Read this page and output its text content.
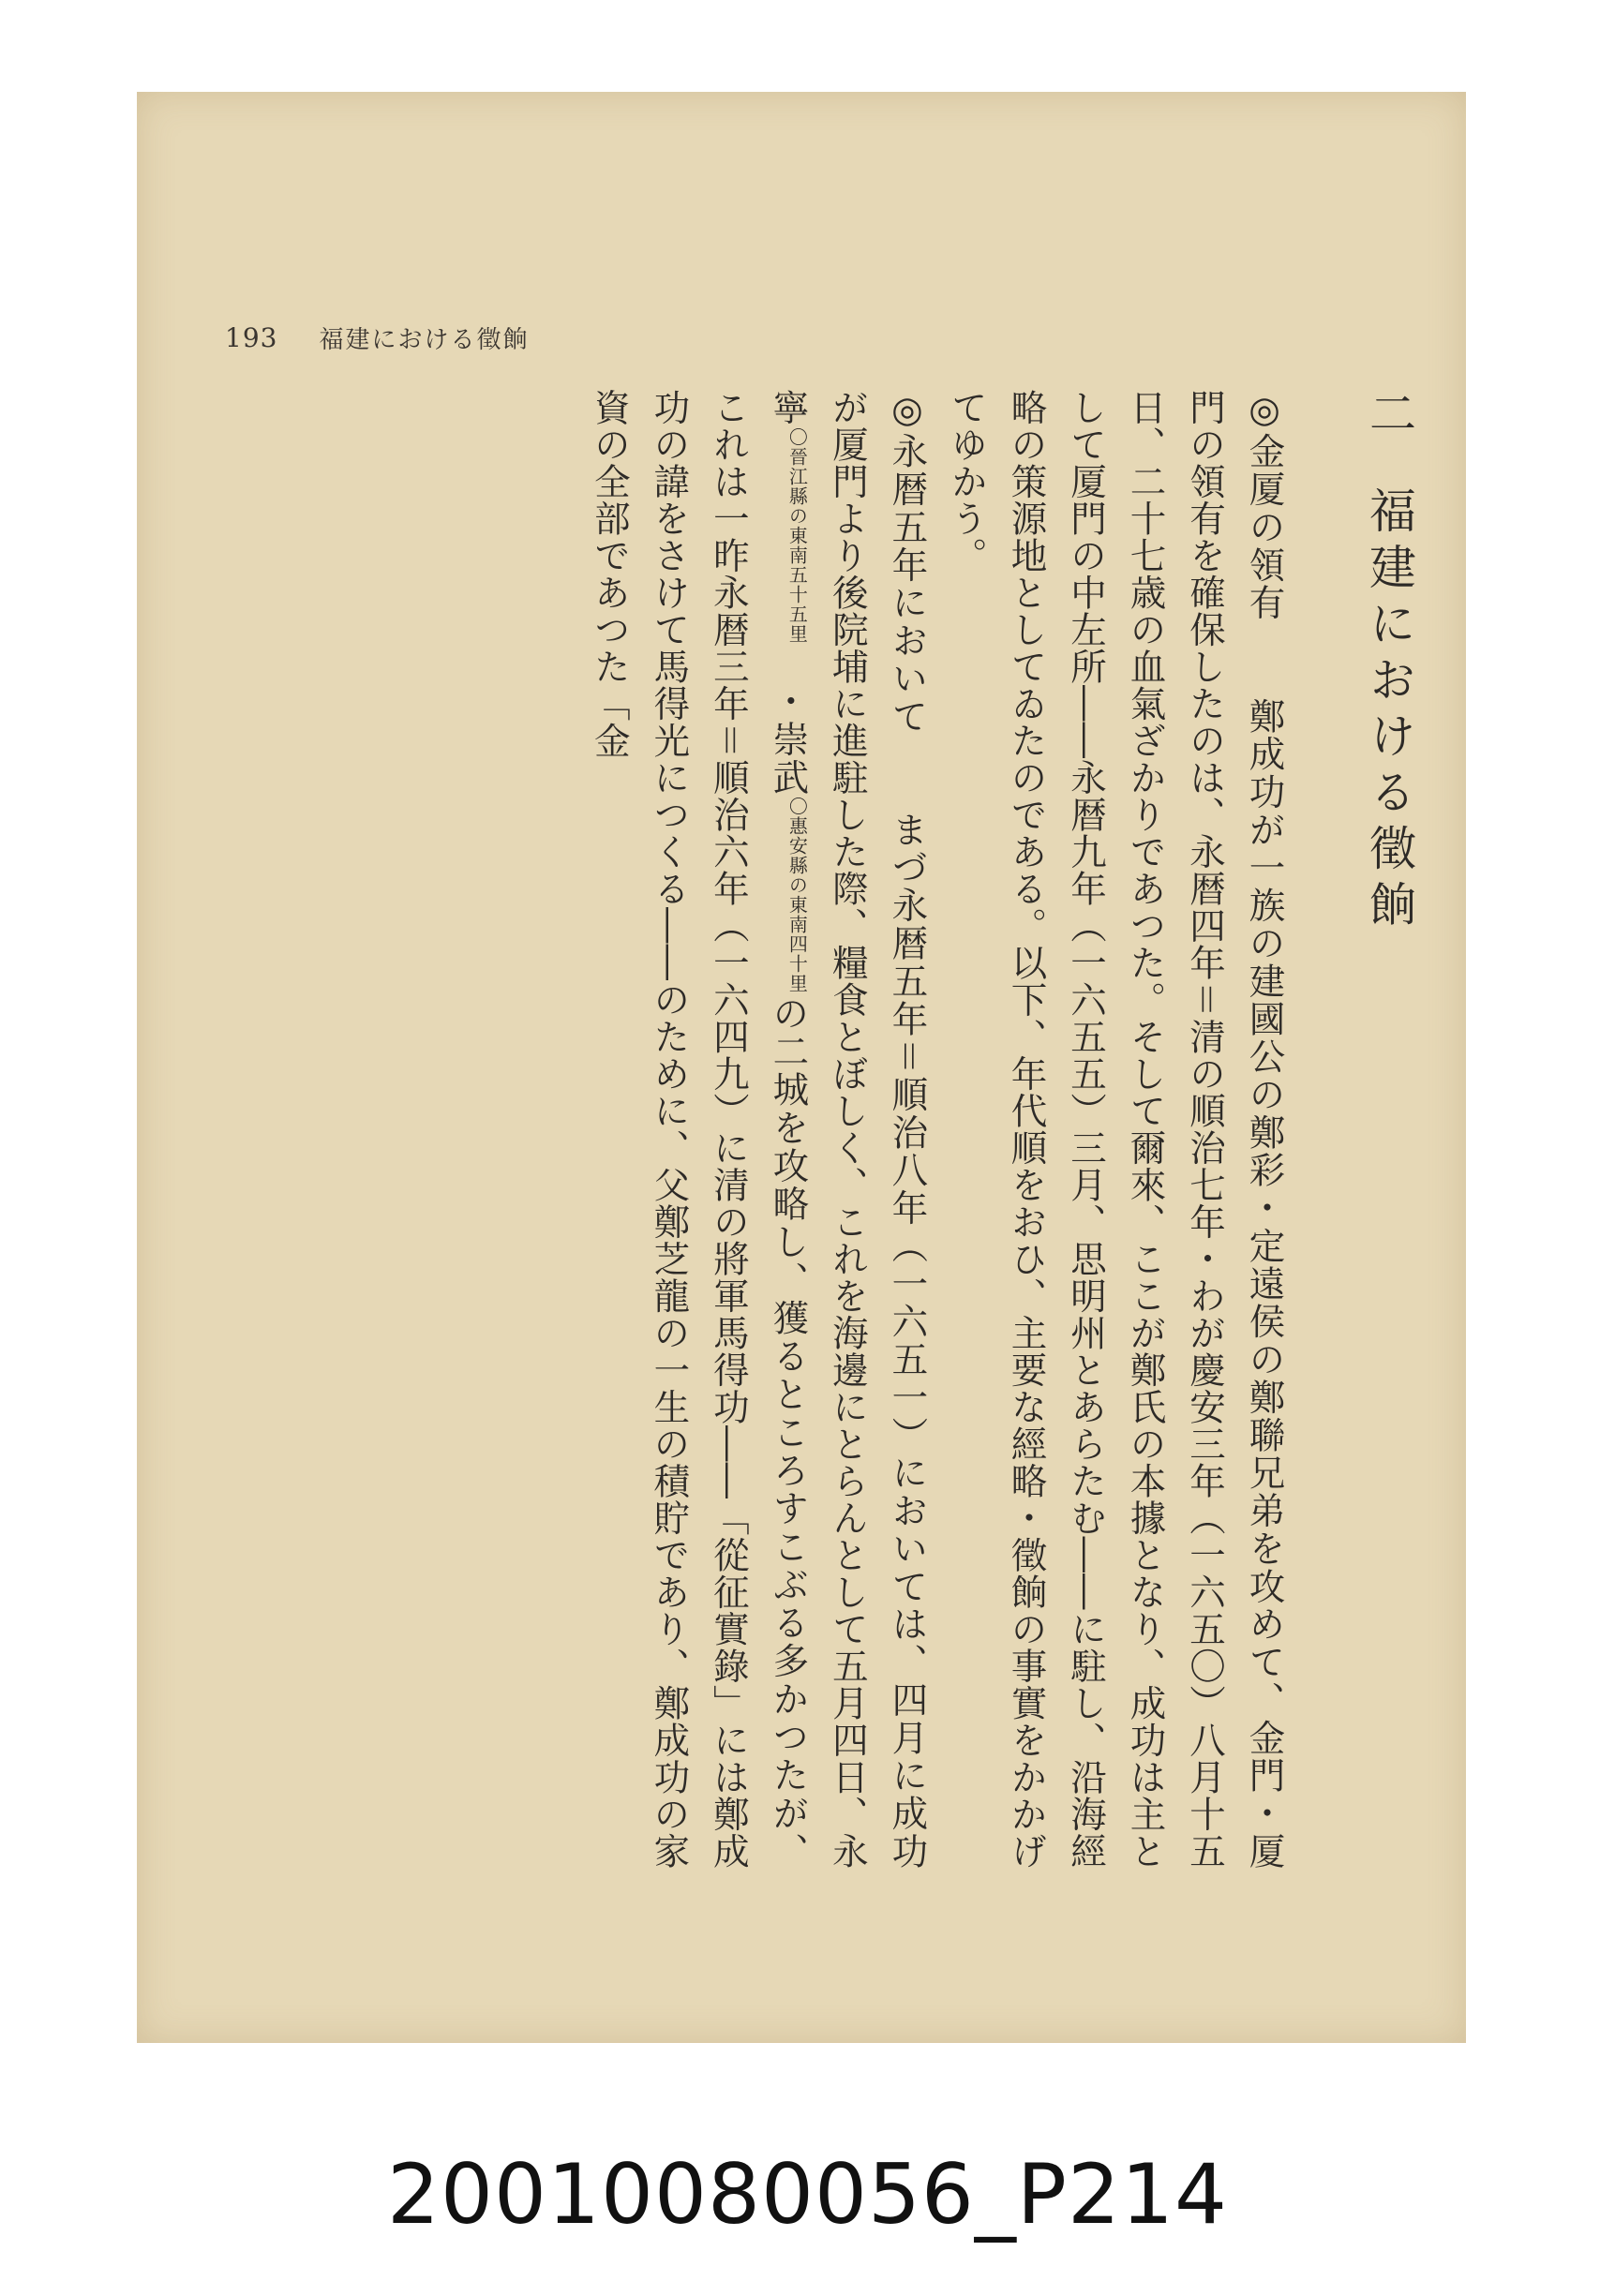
193 福建における徵餉
二 福建における徵餉

◎金厦の領有　　鄭成功が一族の建國公の鄭彩・定遠侯の鄭聯兄弟を攻めて、金門・厦門の領有を確保したのは、永暦四年＝清の順治七年・わが慶安三年（一六五〇）八月十五日、二十七歳の血氣ざかりであつた。そして爾來、ここが鄭氏の本據となり、成功は主として厦門の中左所――永暦九年（一六五五）三月、思明州とあらたむ――に駐し、沿海經略の策源地としてゐたのである。以下、年代順をおひ、主要な經略・徵餉の事實をかかげてゆかう。

◎永暦五年において　　まづ永暦五年＝順治八年（一六五一）においては、四月に成功が厦門より後院埔に進駐した際、糧食とぼしく、これを海邊にとらんとして五月四日、永寧〇晉江縣の東南五十五里　・崇武〇惠安縣の東南四十里の二城を攻略し、獲るところすこぶる多かつたが、これは一昨永暦三年＝順治六年（一六四九）に清の將軍馬得功――「從征實錄」には鄭成功の諱をさけて馬得光につくる――のために、父鄭芝龍の一生の積貯であり、鄭成功の家資の全部であつた「金

20010080056_P214
